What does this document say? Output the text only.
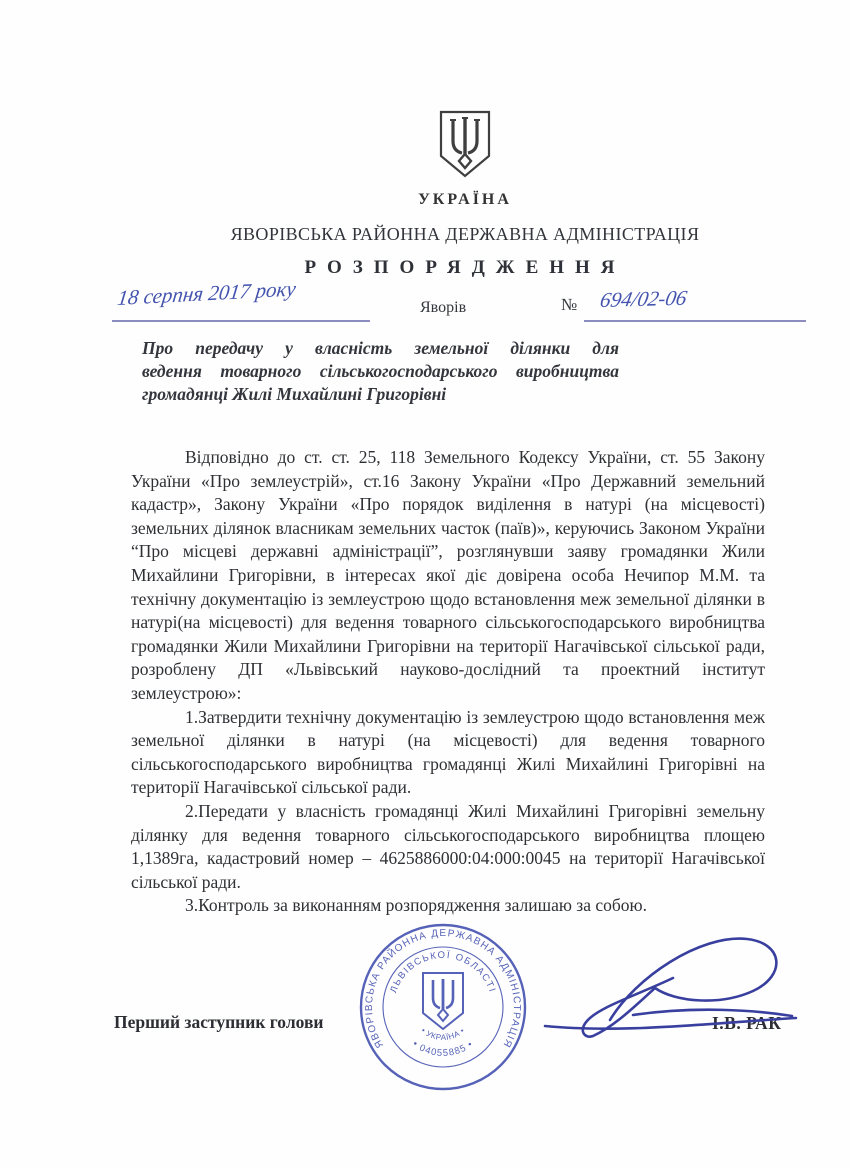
УКРАЇНА
ЯВОРІВСЬКА РАЙОННА ДЕРЖАВНА АДМІНІСТРАЦІЯ
РОЗПОРЯДЖЕННЯ
18 серпня 2017 року	Яворів	№ 694/02-06
Про передачу у власність земельної ділянки для
ведення товарного сільськогосподарського виробництва
громадянці Жилі Михайлині Григорівні

Відповідно до ст. ст. 25, 118 Земельного Кодексу України, ст. 55 Закону України «Про землеустрій», ст.16 Закону України «Про Державний земельний кадастр», Закону України «Про порядок виділення в натурі (на місцевості) земельних ділянок власникам земельних часток (паїв)», керуючись Законом України “Про місцеві державні адміністрації”, розглянувши заяву громадянки Жили Михайлини Григорівни, в інтересах якої діє довірена особа Нечипор М.М. та технічну документацію із землеустрою щодо встановлення меж земельної ділянки в натурі(на місцевості) для ведення товарного сільськогосподарського виробництва громадянки Жили Михайлини Григорівни на території Нагачівської сільської ради, розроблену ДП «Львівський науково-дослідний та проектний інститут землеустрою»:

1.Затвердити технічну документацію із землеустрою щодо встановлення меж земельної ділянки в натурі (на місцевості) для ведення товарного сільськогосподарського виробництва громадянці Жилі Михайлині Григорівні на території Нагачівської сільської ради.

2.Передати у власність громадянці Жилі Михайлині Григорівні земельну ділянку для ведення товарного сільськогосподарського виробництва площею 1,1389га, кадастровий номер – 4625886000:04:000:0045 на території Нагачівської сільської ради.

3.Контроль за виконанням розпорядження залишаю за собою.

Перший заступник голови	І.В. РАК
ЯВОРІВСЬКА РАЙОННА ДЕРЖАВНА АДМІНІСТРАЦІЯ
ЛЬВІВСЬКОЇ ОБЛАСТІ
• 04055885 •
• УКРАЇНА •
